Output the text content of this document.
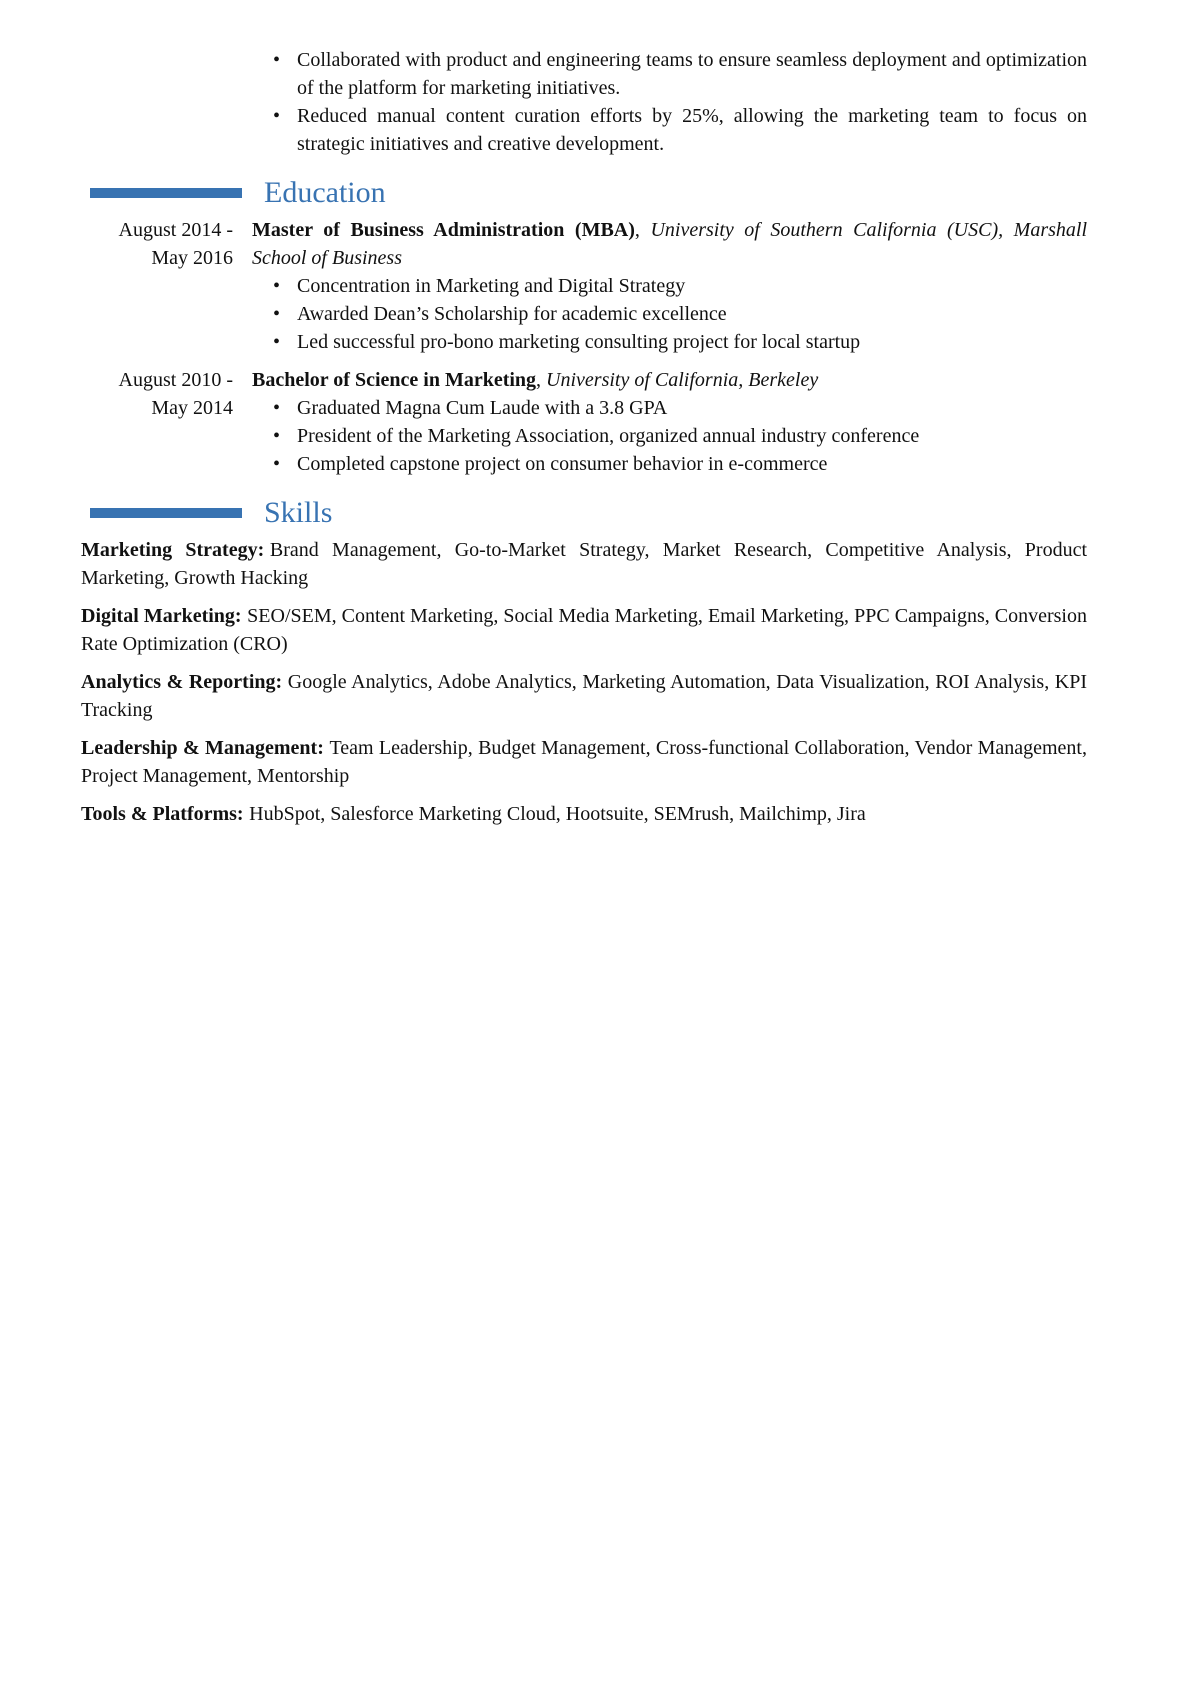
• Collaborated with product and engineering teams to ensure seamless deployment and optimization of the platform for marketing initiatives.
• Reduced manual content curation efforts by 25%, allowing the marketing team to focus on strategic initiatives and creative development.
Education
August 2014 -
May 2016
Master of Business Administration (MBA), University of Southern California (USC), Marshall School of Business
• Concentration in Marketing and Digital Strategy
• Awarded Dean’s Scholarship for academic excellence
• Led successful pro-bono marketing consulting project for local startup
August 2010 -
May 2014
Bachelor of Science in Marketing, University of California, Berkeley
• Graduated Magna Cum Laude with a 3.8 GPA
• President of the Marketing Association, organized annual industry conference
• Completed capstone project on consumer behavior in e-commerce
Skills

Marketing Strategy: Brand Management, Go-to-Market Strategy, Market Research, Competitive Analysis, Product Marketing, Growth Hacking

Digital Marketing: SEO/SEM, Content Marketing, Social Media Marketing, Email Marketing, PPC Campaigns, Conversion Rate Optimization (CRO)

Analytics & Reporting: Google Analytics, Adobe Analytics, Marketing Automation, Data Visualization, ROI Analysis, KPI Tracking

Leadership & Management: Team Leadership, Budget Management, Cross-functional Collaboration, Vendor Management, Project Management, Mentorship

Tools & Platforms: HubSpot, Salesforce Marketing Cloud, Hootsuite, SEMrush, Mailchimp, Jira
